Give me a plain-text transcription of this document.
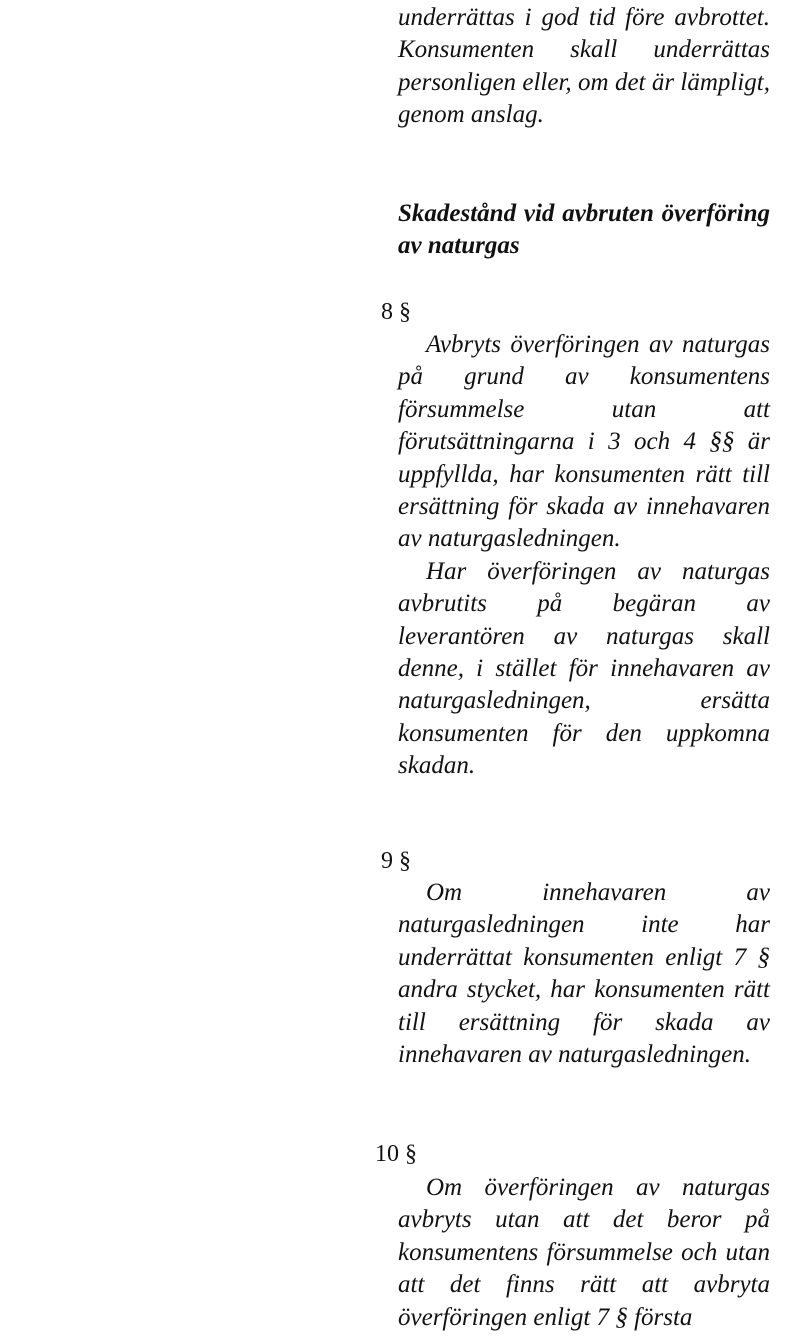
underrättas i god tid före avbrottet. Konsumenten skall underrättas personligen eller, om det är lämpligt, genom anslag.

Skadestånd vid avbruten överföring av naturgas
8 §

Avbryts överföringen av naturgas på grund av konsumentens försummelse utan att förutsättningarna i 3 och 4 §§ är uppfyllda, har konsumenten rätt till ersättning för skada av innehavaren av naturgasledningen.

Har överföringen av naturgas avbrutits på begäran av leverantören av naturgas skall denne, i stället för innehavaren av naturgasledningen, ersätta konsumenten för den uppkomna skadan.

9 §

Om innehavaren av naturgasledningen inte har underrättat konsumenten enligt 7 § andra stycket, har konsumenten rätt till ersättning för skada av innehavaren av naturgasledningen.

10 §

Om överföringen av naturgas avbryts utan att det beror på konsumentens försummelse och utan att det finns rätt att avbryta överföringen enligt 7 § första
